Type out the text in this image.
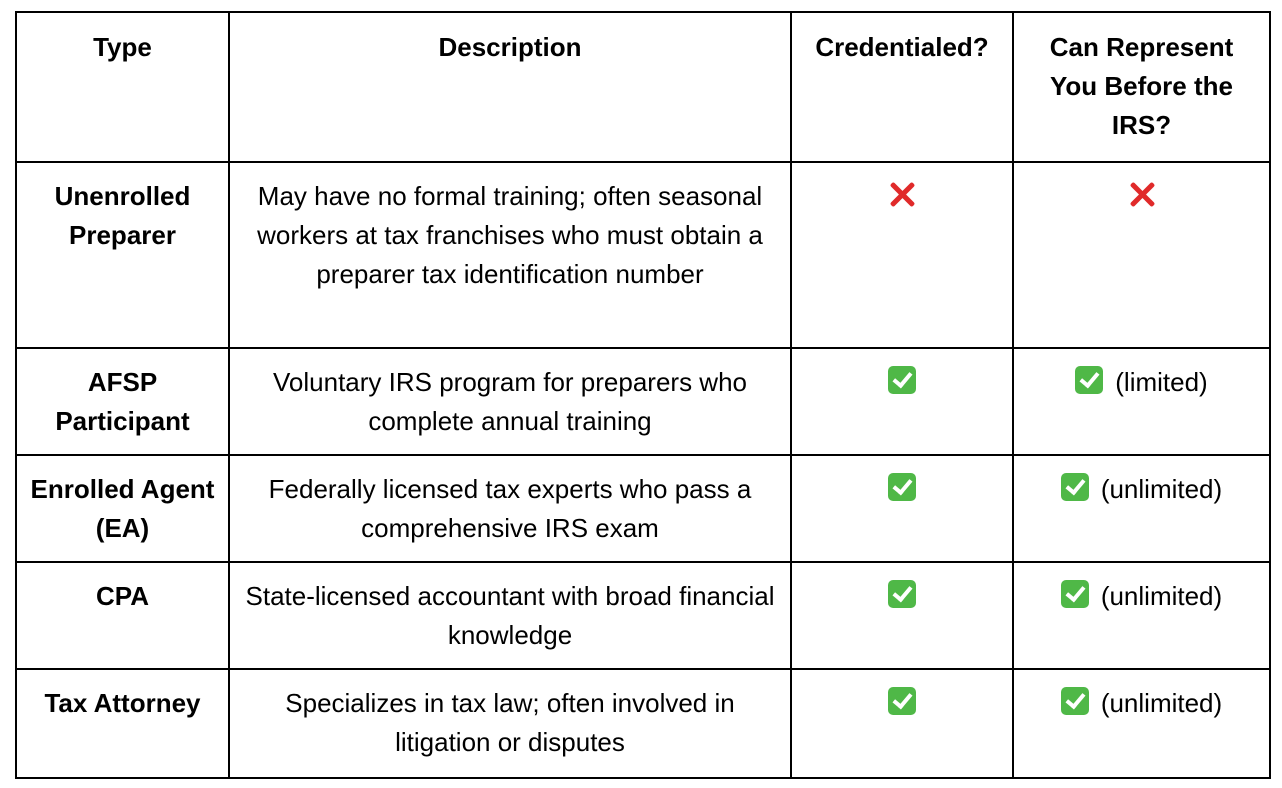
Type	Description	Credentialed?	Can Represent You Before the IRS?
Unenrolled Preparer	May have no formal training; often seasonal workers at tax franchises who must obtain a preparer tax identification number		
AFSP Participant	Voluntary IRS program for preparers who complete annual training		(limited)
Enrolled Agent (EA)	Federally licensed tax experts who pass a comprehensive IRS exam		(unlimited)
CPA	State-licensed accountant with broad financial knowledge		(unlimited)
Tax Attorney	Specializes in tax law; often involved in litigation or disputes		(unlimited)
